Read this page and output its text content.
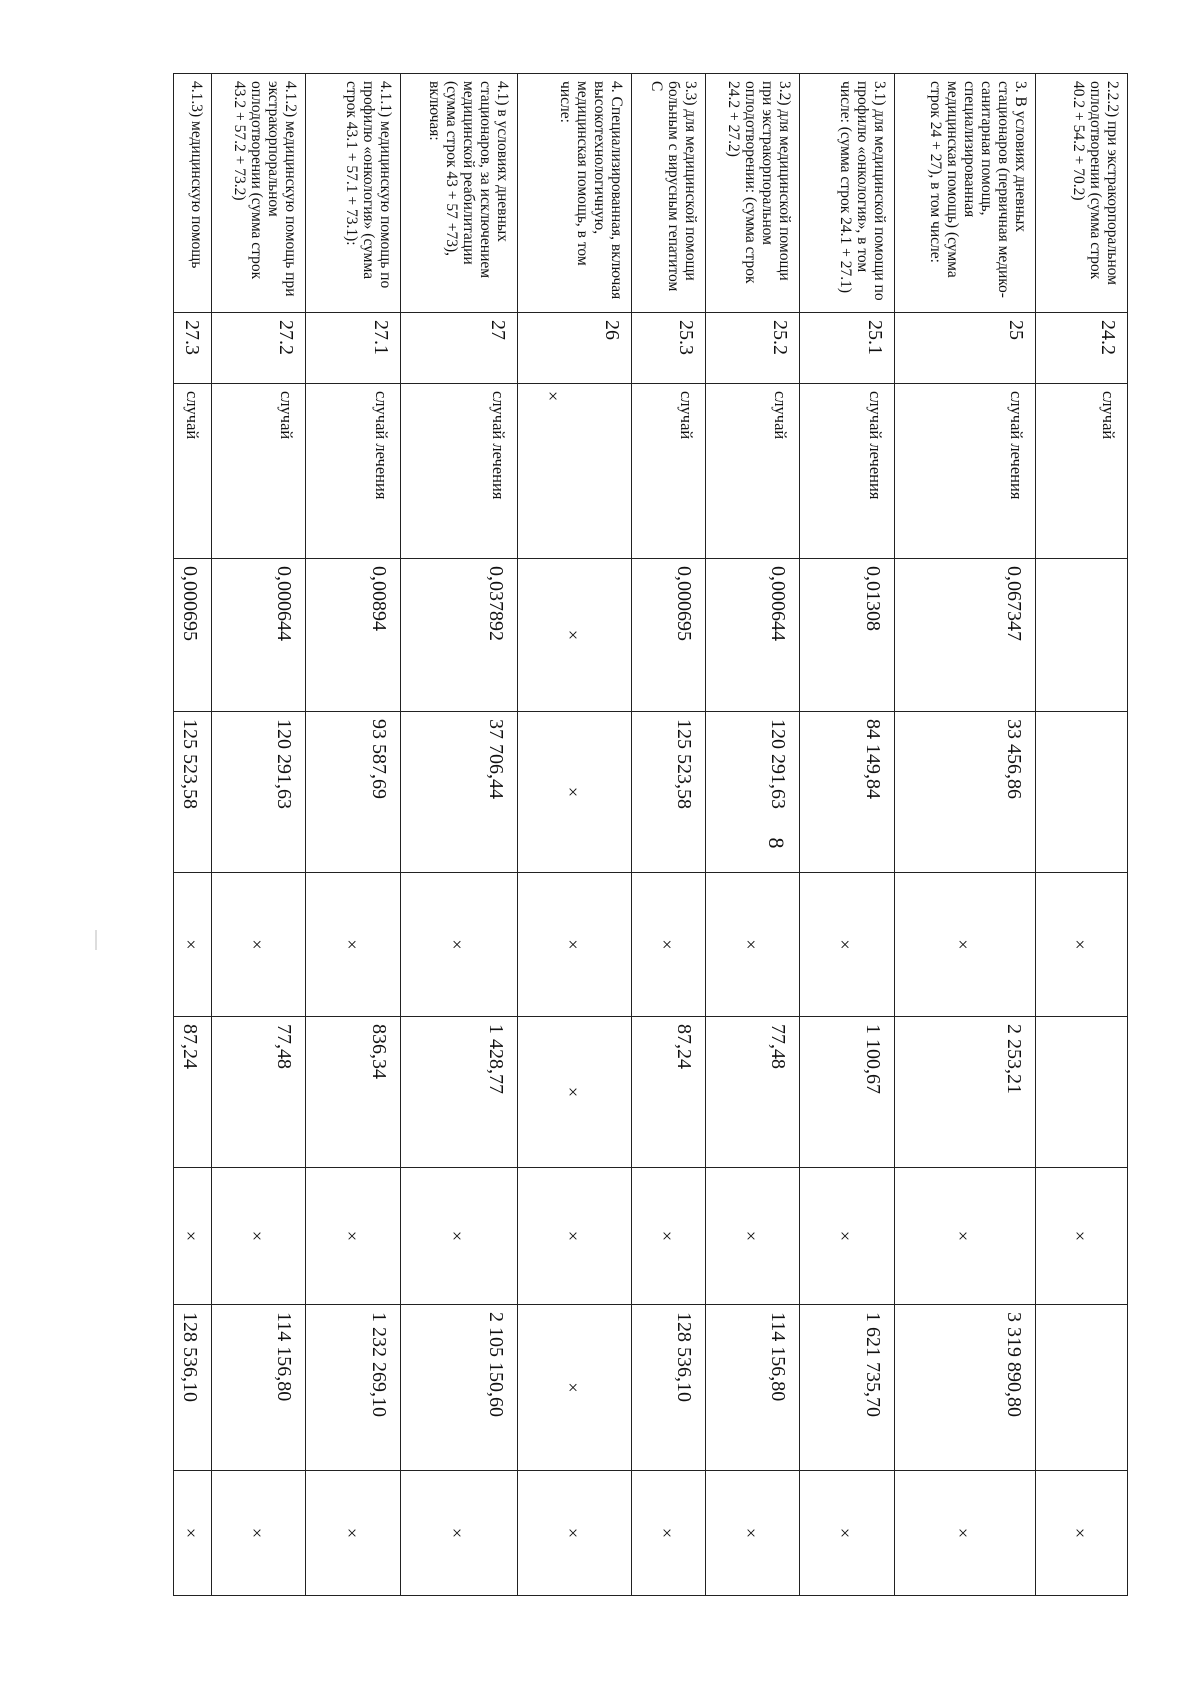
8
2.2.2) при экстракорпоральном оплодотворении (сумма строк 40.2 + 54.2 + 70.2)	24.2	случай			×		×		×
3. В условиях дневных стационаров (первичная медико-санитарная помощь, специализированная медицинская помощь) (сумма строк 24 + 27), в том числе:	25	случай лечения	0,067347	33 456,86	×	2 253,21	×	3 319 890,80	×
3.1) для медицинской помощи по профилю «онкология», в том числе: (сумма строк 24.1 + 27.1)	25.1	случай лечения	0,01308	84 149,84	×	1 100,67	×	1 621 735,70	×
3.2) для медицинской помощи при экстракорпоральном оплодотворении: (сумма строк 24.2 + 27.2)	25.2	случай	0,000644	120 291,63	×	77,48	×	114 156,80	×
3.3) для медицинской помощи больным с вирусным гепатитом С	25.3	случай	0,000695	125 523,58	×	87,24	×	128 536,10	×
4. Специализированная, включая высокотехнологичную, медицинская помощь, в том числе:	26	×	×	×	×	×	×	×	×
4.1) в условиях дневных стационаров, за исключением медицинской реабилитации (сумма строк 43 + 57 +73), включая:	27	случай лечения	0,037892	37 706,44	×	1 428,77	×	2 105 150,60	×
4.1.1) медицинскую помощь по профилю «онкология» (сумма строк 43.1 + 57.1 + 73.1):	27.1	случай лечения	0,00894	93 587,69	×	836,34	×	1 232 269,10	×
4.1.2) медицинскую помощь при экстракорпоральном оплодотворении (сумма строк 43.2 + 57.2 + 73.2)	27.2	случай	0,000644	120 291,63	×	77,48	×	114 156,80	×
4.1.3) медицинскую помощь	27.3	случай	0,000695	125 523,58	×	87,24	×	128 536,10	×
